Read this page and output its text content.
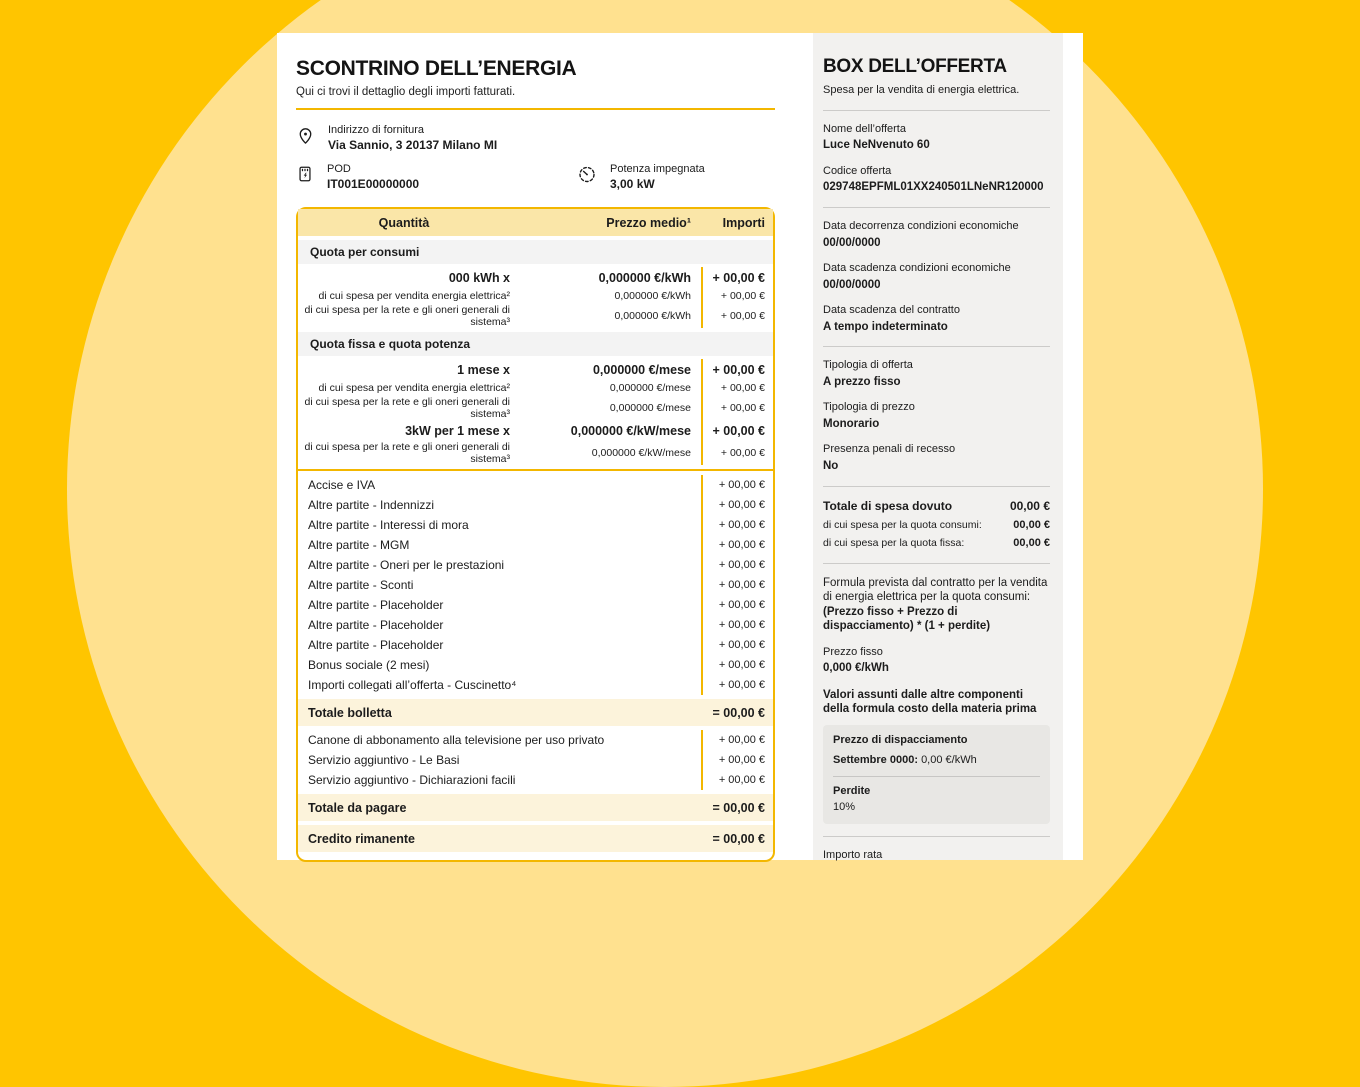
SCONTRINO DELL’ENERGIA

Qui ci trovi il dettaglio degli importi fatturati.

Indirizzo di fornitura
Via Sannio, 3 20137 Milano MI
POD
IT001E00000000
Potenza impegnata
3,00 kW
Quantità	Prezzo medio¹	Importi
Quota per consumi
000 kWh x	0,000000 €/kWh	+ 00,00 €
di cui spesa per vendita energia elettrica²	0,000000 €/kWh	+ 00,00 €
di cui spesa per la rete e gli oneri generali di sistema³	0,000000 €/kWh	+ 00,00 €
Quota fissa e quota potenza
1 mese x	0,000000 €/mese	+ 00,00 €
di cui spesa per vendita energia elettrica²	0,000000 €/mese	+ 00,00 €
di cui spesa per la rete e gli oneri generali di sistema³	0,000000 €/mese	+ 00,00 €
3kW per 1 mese x	0,000000 €/kW/mese	+ 00,00 €
di cui spesa per la rete e gli oneri generali di sistema³	0,000000 €/kW/mese	+ 00,00 €
Accise e IVA	+ 00,00 €
Altre partite - Indennizzi	+ 00,00 €
Altre partite - Interessi di mora	+ 00,00 €
Altre partite - MGM	+ 00,00 €
Altre partite - Oneri per le prestazioni	+ 00,00 €
Altre partite - Sconti	+ 00,00 €
Altre partite - Placeholder	+ 00,00 €
Altre partite - Placeholder	+ 00,00 €
Altre partite - Placeholder	+ 00,00 €
Bonus sociale (2 mesi)	+ 00,00 €
Importi collegati all’offerta - Cuscinetto⁴	+ 00,00 €
Totale bolletta	= 00,00 €
Canone di abbonamento alla televisione per uso privato	+ 00,00 €
Servizio aggiuntivo - Le Basi	+ 00,00 €
Servizio aggiuntivo - Dichiarazioni facili	+ 00,00 €
Totale da pagare	= 00,00 €
Credito rimanente	= 00,00 €
BOX DELL’OFFERTA

Spesa per la vendita di energia elettrica.

Nome dell’offerta
Luce NeNvenuto 60
Codice offerta
029748EPFML01XX240501LNeNR120000
Data decorrenza condizioni economiche
00/00/0000
Data scadenza condizioni economiche
00/00/0000
Data scadenza del contratto
A tempo indeterminato
Tipologia di offerta
A prezzo fisso
Tipologia di prezzo
Monorario
Presenza penali di recesso
No
Totale di spesa dovuto	00,00 €
di cui spesa per la quota consumi:	00,00 €
di cui spesa per la quota fissa:	00,00 €
Formula prevista dal contratto per la vendita di energia elettrica per la quota consumi:
(Prezzo fisso + Prezzo di dispacciamento) * (1 + perdite)
Prezzo fisso
0,000 €/kWh
Valori assunti dalle altre componenti della formula costo della materia prima
Prezzo di dispacciamento
Settembre 0000: 0,00 €/kWh
Perdite
10%
Importo rata
